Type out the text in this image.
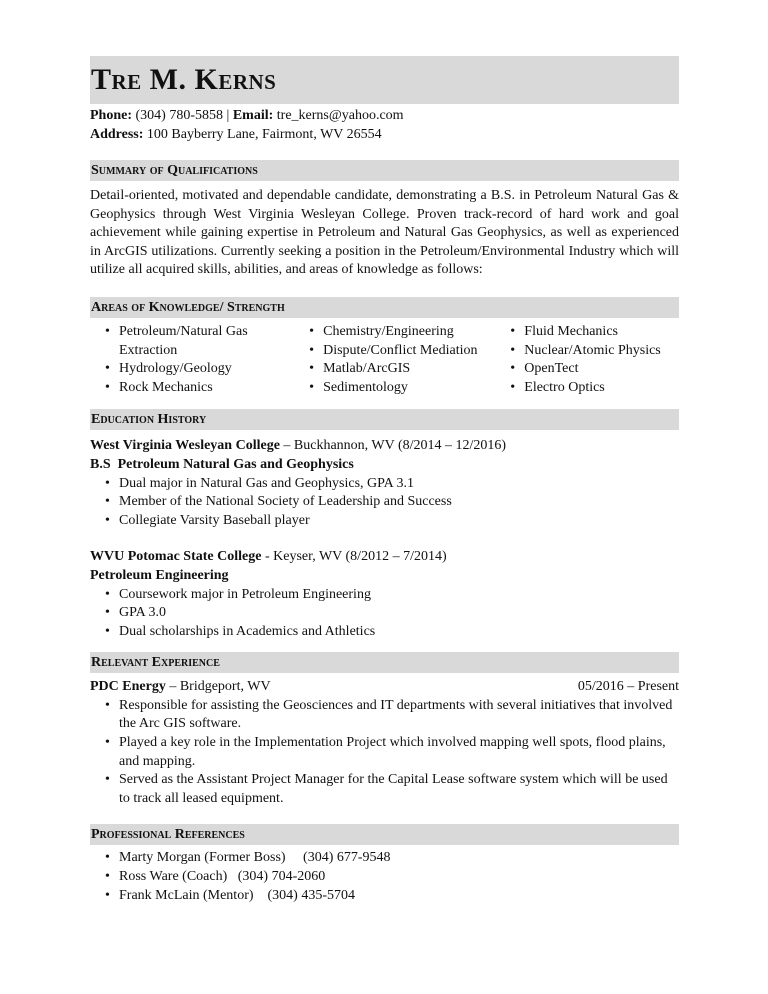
Tre M. Kerns
Phone: (304) 780-5858 | Email: tre_kerns@yahoo.com
Address: 100 Bayberry Lane, Fairmont, WV 26554
Summary of Qualifications

Detail-oriented, motivated and dependable candidate, demonstrating a B.S. in Petroleum Natural Gas & Geophysics through West Virginia Wesleyan College. Proven track-record of hard work and goal achievement while gaining expertise in Petroleum and Natural Gas Geophysics, as well as experienced in ArcGIS utilizations. Currently seeking a position in the Petroleum/Environmental Industry which will utilize all acquired skills, abilities, and areas of knowledge as follows:

Areas of Knowledge/ Strength
• Petroleum/Natural Gas Extraction
• Hydrology/Geology
• Rock Mechanics
• Chemistry/Engineering
• Dispute/Conflict Mediation
• Matlab/ArcGIS
• Sedimentology
• Fluid Mechanics
• Nuclear/Atomic Physics
• OpenTect
• Electro Optics
Education History
West Virginia Wesleyan College – Buckhannon, WV (8/2014 – 12/2016)
B.S  Petroleum Natural Gas and Geophysics
• Dual major in Natural Gas and Geophysics, GPA 3.1
• Member of the National Society of Leadership and Success
• Collegiate Varsity Baseball player
WVU Potomac State College - Keyser, WV (8/2012 – 7/2014)
Petroleum Engineering
• Coursework major in Petroleum Engineering
• GPA 3.0
• Dual scholarships in Academics and Athletics
Relevant Experience
PDC Energy – Bridgeport, WV	05/2016 – Present
• Responsible for assisting the Geosciences and IT departments with several initiatives that involved the Arc GIS software.
• Played a key role in the Implementation Project which involved mapping well spots, flood plains, and mapping.
• Served as the Assistant Project Manager for the Capital Lease software system which will be used to track all leased equipment.
Professional References
• Marty Morgan (Former Boss)     (304) 677-9548
• Ross Ware (Coach)   (304) 704-2060
• Frank McLain (Mentor)    (304) 435-5704
